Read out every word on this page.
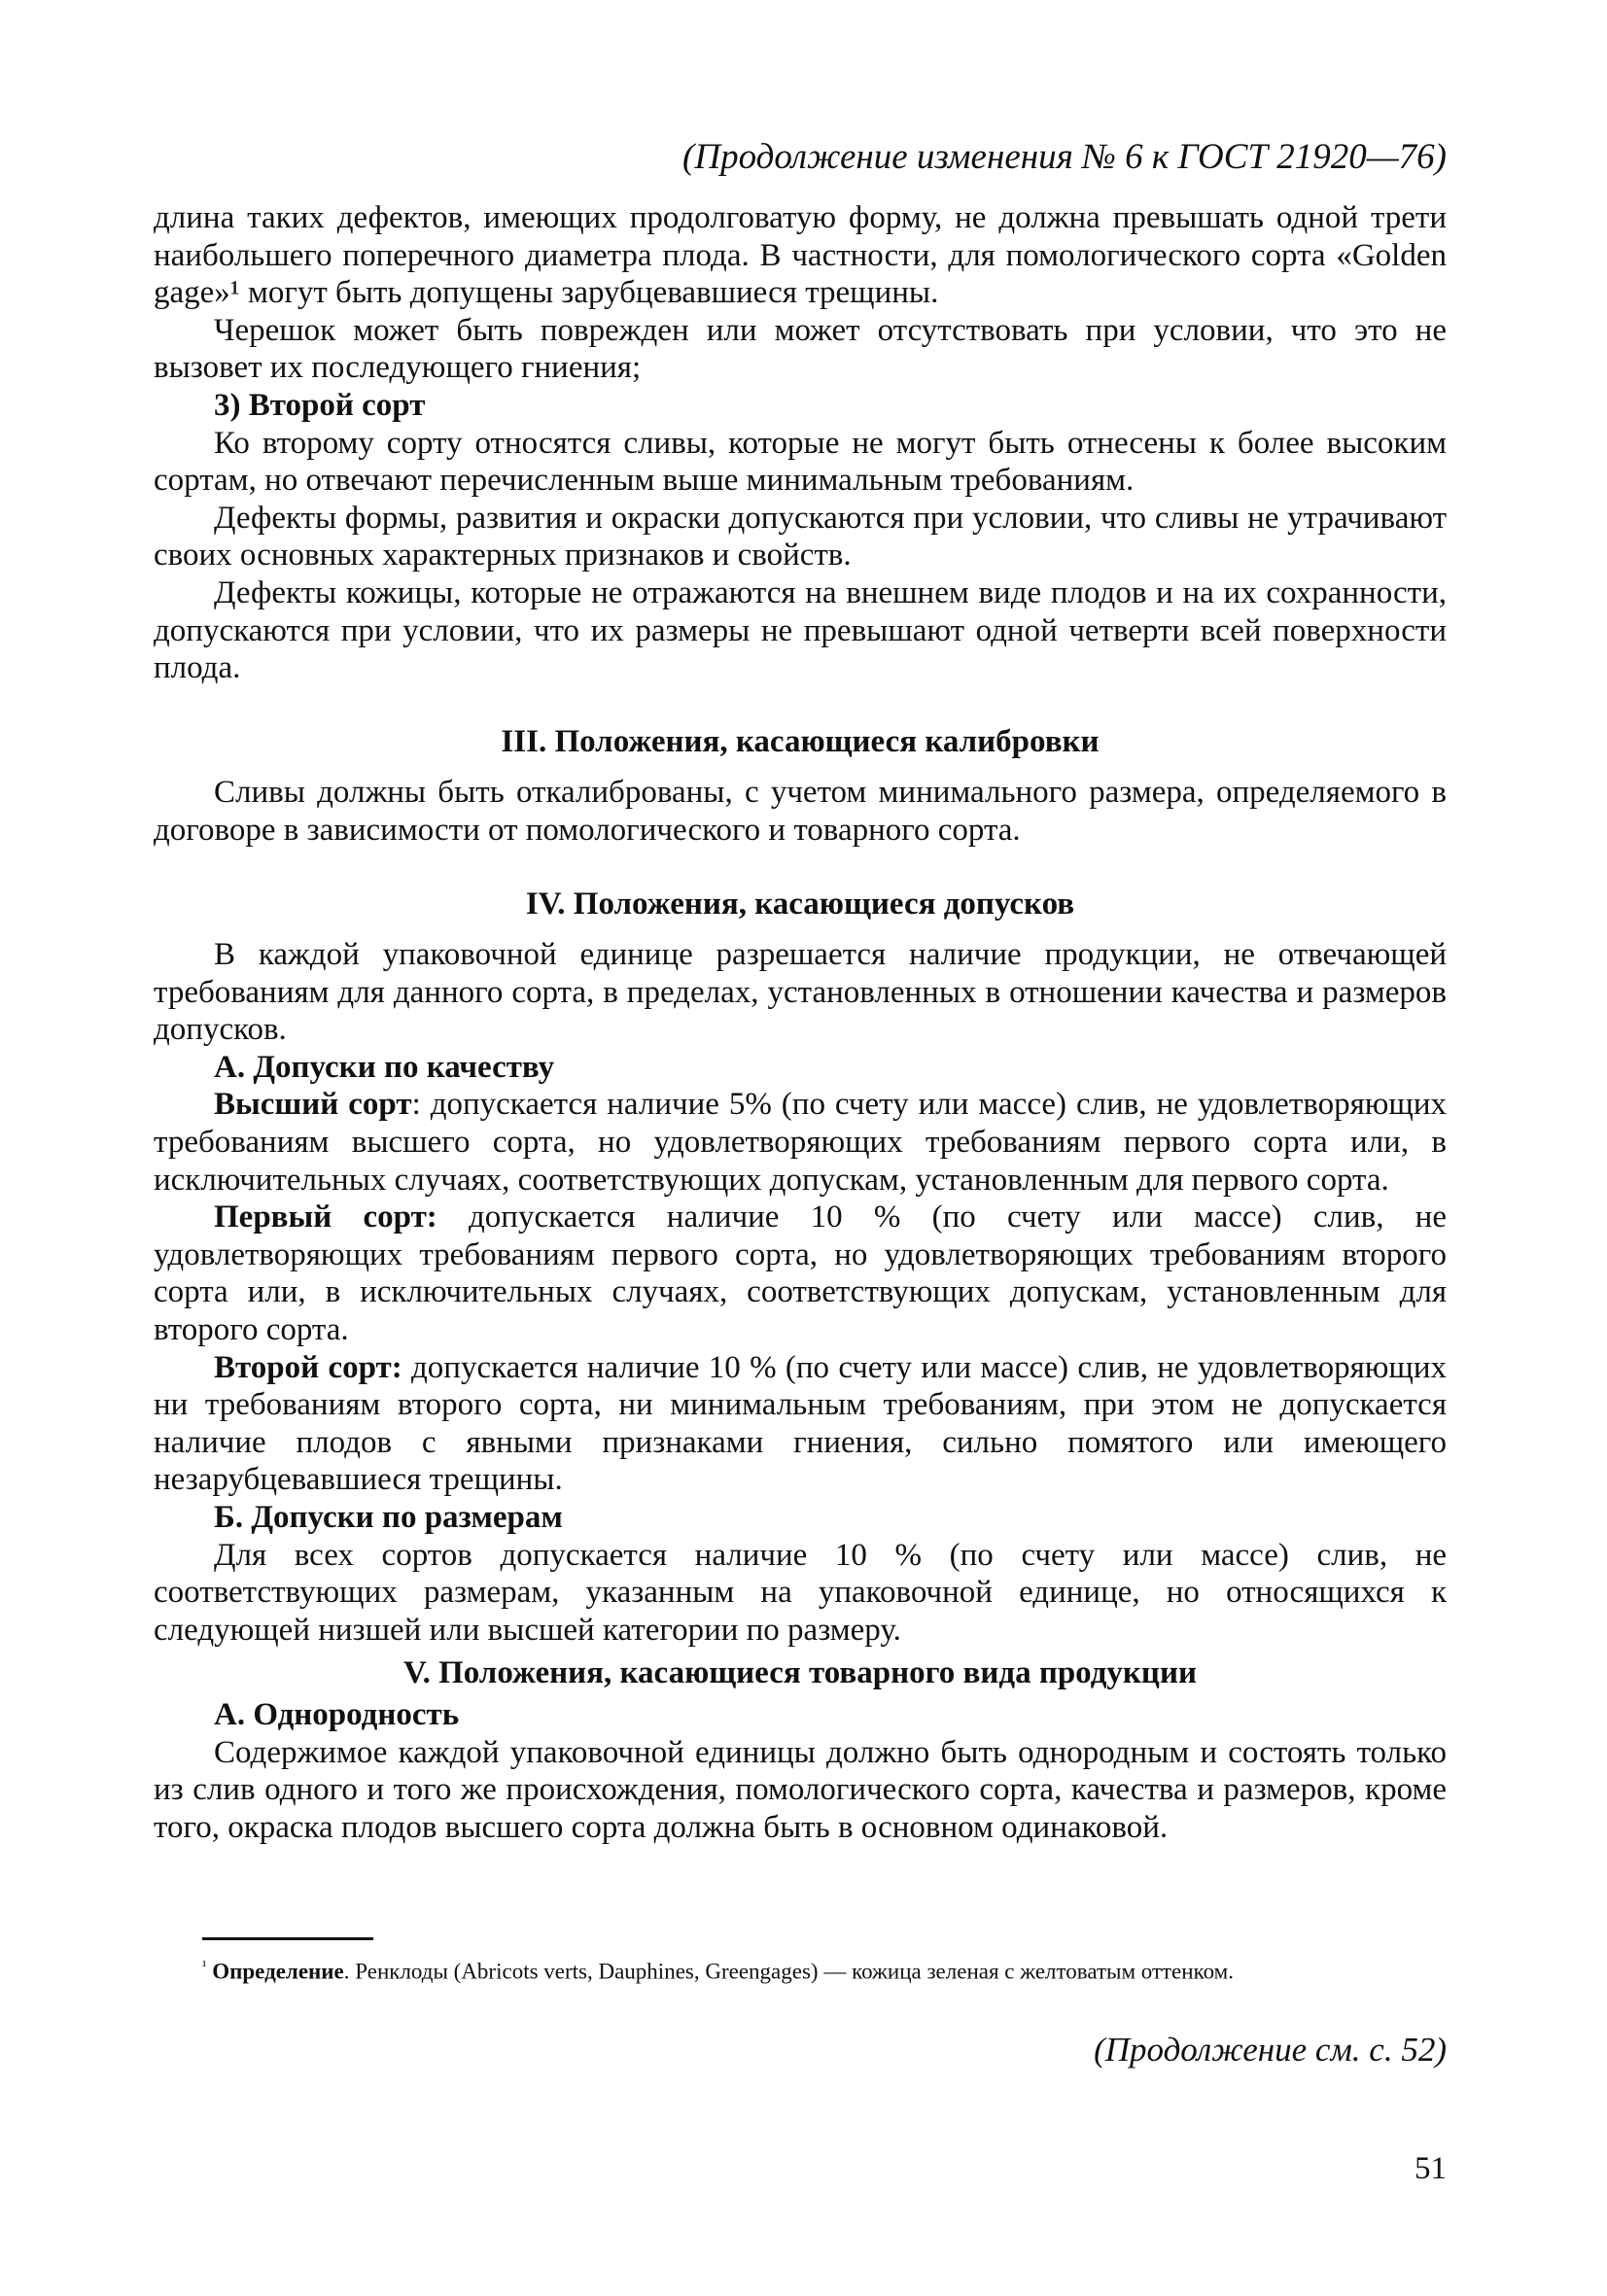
(Продолжение изменения № 6 к ГОСТ 21920—76)

длина таких дефектов, имеющих продолговатую форму, не должна превышать одной трети наибольшего поперечного диаметра плода. В частности, для помологического сорта «Golden gage»¹ могут быть допущены зарубцевавшиеся трещины.

Черешок может быть поврежден или может отсутствовать при условии, что это не вызовет их последующего гниения;

3) Второй сорт

Ко второму сорту относятся сливы, которые не могут быть отнесены к более высоким сортам, но отвечают перечисленным выше минимальным требованиям.

Дефекты формы, развития и окраски допускаются при условии, что сливы не утрачивают своих основных характерных признаков и свойств.

Дефекты кожицы, которые не отражаются на внешнем виде плодов и на их сохранности, допускаются при условии, что их размеры не превышают одной четверти всей поверхности плода.

III. Положения, касающиеся калибровки

Сливы должны быть откалиброваны, с учетом минимального размера, определяемого в договоре в зависимости от помологического и товарного сорта.

IV. Положения, касающиеся допусков

В каждой упаковочной единице разрешается наличие продукции, не отвечающей требованиям для данного сорта, в пределах, установленных в отношении качества и размеров допусков.

А. Допуски по качеству

Высший сорт: допускается наличие 5% (по счету или массе) слив, не удовлетворяющих требованиям высшего сорта, но удовлетворяющих требованиям первого сорта или, в исключительных случаях, соответствующих допускам, установленным для первого сорта.

Первый сорт: допускается наличие 10 % (по счету или массе) слив, не удовлетворяющих требованиям первого сорта, но удовлетворяющих требованиям второго сорта или, в исключительных случаях, соответствующих допускам, установленным для второго сорта.

Второй сорт: допускается наличие 10 % (по счету или массе) слив, не удовлетворяющих ни требованиям второго сорта, ни минимальным требованиям, при этом не допускается наличие плодов с явными признаками гниения, сильно помятого или имеющего незарубцевавшиеся трещины.

Б. Допуски по размерам

Для всех сортов допускается наличие 10 % (по счету или массе) слив, не соответствующих размерам, указанным на упаковочной единице, но относящихся к следующей низшей или высшей категории по размеру.

V. Положения, касающиеся товарного вида продукции

А. Однородность

Содержимое каждой упаковочной единицы должно быть однородным и состоять только из слив одного и того же происхождения, помологического сорта, качества и размеров, кроме того, окраска плодов высшего сорта должна быть в основном одинаковой.

$^{^1}$ Определение. Ренклоды (Abricots verts, Dauphines, Greengages) — кожица зеленая с желтоватым оттенком.
(Продолжение см. с. 52)
51
